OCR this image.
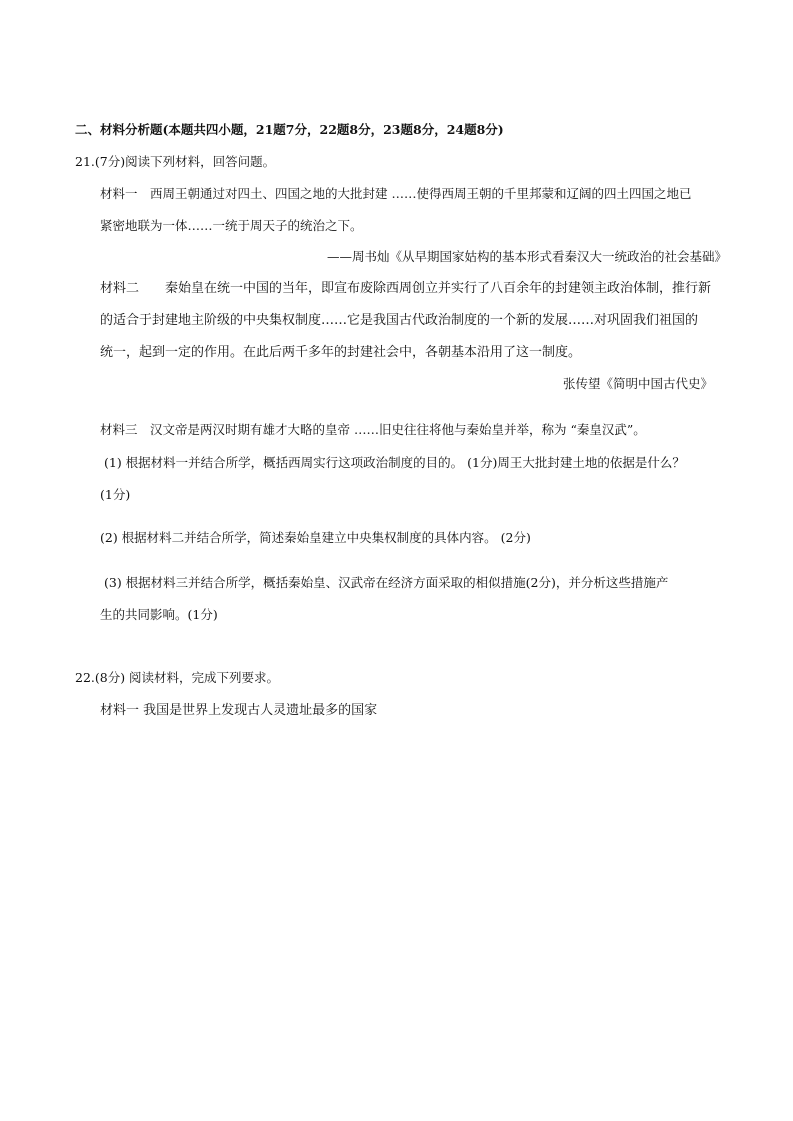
二、材料分析题(本题共四小题，21题7分，22题8分，23题8分，24题8分)
21.(7分)阅读下列材料，回答问题。
材料一　西周王朝通过对四土、四国之地的大批封建 ……使得西周王朝的千里邦蒙和辽阔的四土四国之地已
紧密地联为一体……一统于周天子的统治之下。
——周书灿《从早期国家姑构的基本形式看秦汉大一统政治的社会基础》
材料二　　秦始皇在统一中国的当年，即宣布废除西周创立并实行了八百余年的封建领主政治体制，推行新
的适合于封建地主阶级的中央集权制度……它是我国古代政治制度的一个新的发展……对巩固我们祖国的
统一，起到一定的作用。在此后两千多年的封建社会中，各朝基本沿用了这一制度。
张传望《简明中国古代史》
材料三　汉文帝是两汉时期有雄才大略的皇帝 ……旧史往往将他与秦始皇并举，称为 “秦皇汉武”。
(1) 根据材料一并结合所学，概括西周实行这项政治制度的目的。 (1分)周王大批封建土地的依据是什么？
(1分)
(2) 根据材料二并结合所学，简述秦始皇建立中央集权制度的具体内容。 (2分)
(3) 根据材料三并结合所学，概括秦始皇、汉武帝在经济方面采取的相似措施(2分)，并分析这些措施产
生的共同影响。(1分)
22.(8分) 阅读材料，完成下列要求。
材料一 我国是世界上发现古人灵遗址最多的国家
